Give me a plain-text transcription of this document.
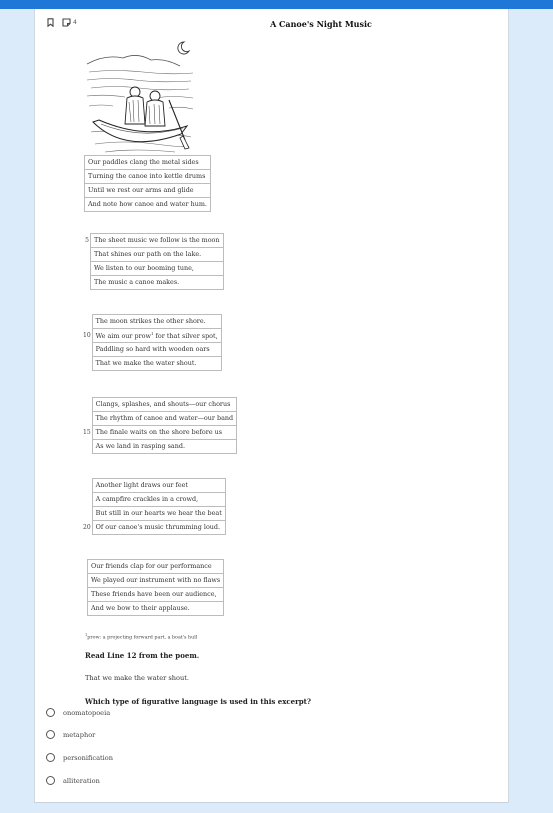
4	A Canoe's Night Music
Our paddles clang the metal sides
Turning the canoe into kettle drums
Until we rest our arms and glide
And note how canoe and water hum.
5	The sheet music we follow is the moon
	That shines our path on the lake.
	We listen to our booming tune,
	The music a canoe makes.
	The moon strikes the other shore.
10	We aim our prow$^1$ for that silver spot,
	Paddling so hard with wooden oars
	That we make the water shout.
	Clangs, splashes, and shouts—our chorus
	The rhythm of canoe and water—our band
15	The finale waits on the shore before us
	As we land in rasping sand.
	Another light draws our feet
	A campfire crackles in a crowd,
	But still in our hearts we hear the beat
20	Of our canoe's music thrumming loud.
Our friends clap for our performance
We played our instrument with no flaws
These friends have been our audience,
And we bow to their applause.
$^1$prow: a projecting forward part, a boat's hull
Read Line 12 from the poem.
That we make the water shout.
Which type of figurative language is used in this excerpt?
onomatopoeia
metaphor
personification
alliteration
